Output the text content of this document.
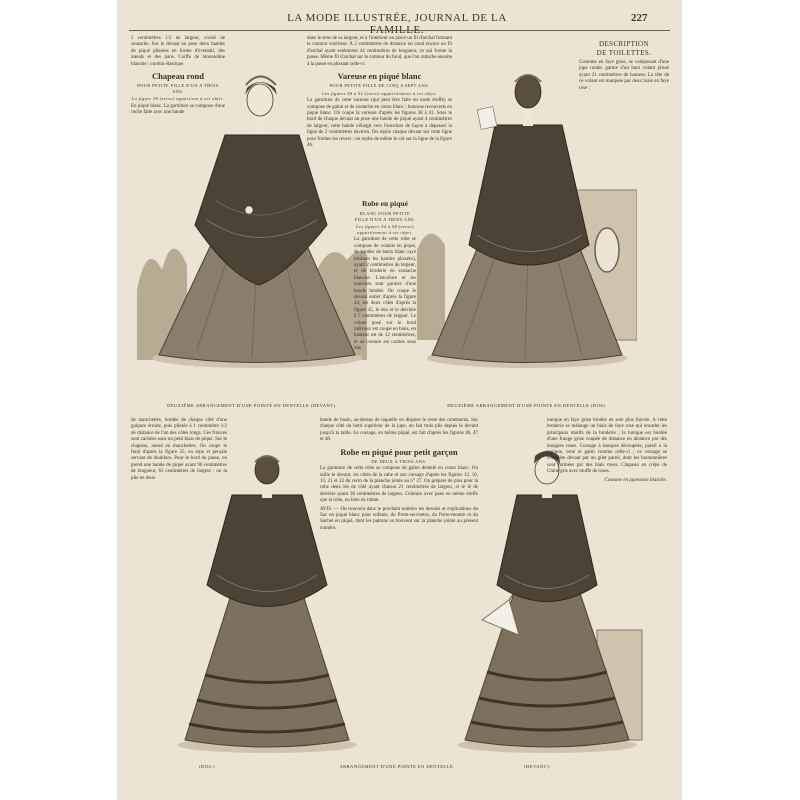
LA MODE ILLUSTRÉE, JOURNAL DE LA FAMILLE.
227

2 centimètres 1/2 de largeur, croisé de soutache. Sur le devant on pose deux bandes de piqué plissées en forme d'éventail, des nœuds et des pans. Coiffe de mousseline blanche ; cordon élastique.

Chapeau rond
POUR PETITE FILLE D'UN A TROIS ANS.

La figure 38 (verso) appartient à cet objet.

En piqué blanc. La garniture se compose d'une ruche faite avec une bande

dans le sens de sa largeur, et à l'intérieur on place un fil d'archal formant le contour extérieur. A 2 centimètres de distance on coud encore un fil d'archal ayant seulement 44 centimètres de longueur, ce qui forme la passe. Même fil d'archal sur le contour du fond, que l'on rattache ensuite à la passe en plissant celle-ci.

Vareuse en piqué blanc
POUR PETITE FILLE DE CINQ A SEPT ANS.

Les figures 58 à 52 (verso) appartiennent à cet objet.

La garniture de cette vareuse (qui peut être faite en toute étoffe) se compose de galon et de soutache en coton blanc ; boutons recouverts en piqué blanc. On coupe la vareuse d'après les figures 38 à 41. Sous le bord de chaque devant on pose une bande de piqué ayant 4 centimètres de largeur, cette bande s'élargit vers l'encolure de façon à dépasser la ligne de 2 centimètres environ. On replie chaque devant sur cette ligne pour former les revers ; on replie de même le col sur la ligne de la figure 46.

Robe en piqué
BLANC POUR PETITE FILLE D'UN A TROIS ANS.

Les figures 54 à 58 (verso) appartiennent à cet objet.

La garniture de cette robe se compose de volants en piqué, de bandes de basin blanc rayé (imitant les bandes plissées), ayant 2 centimètres de largeur, et de broderie en soutache blanche. L'encolure et les manches sont garnies d'une bande brodée. On coupe le devant entier d'après la figure 44, les deux côtés d'après la figure 45, le dos et le derrière à 7 centimètres de largeur. Le volant posé sur le bord inférieur est coupé en biais, en hauteur est de 12 centimètres, et sa couture est cachée sous une

DESCRIPTION
DE TOILETTES.

Costume en faye grise, se composant d'une jupe ronde, garnie d'un haut volant plissé ayant 21 centimètres de hauteur. La tête de ce volant est marquée par deux biais en faye rose ;

DEUXIÈME ARRANGEMENT D'UNE POINTE EN DENTELLE (DEVANT).	DEUXIÈME ARRANGEMENT D'UNE POINTE EN DENTELLE (DOS).

de manchettes, bordée de chaque côté d'une guipure étroite, puis plissée à 1 centimètre 1/2 de distance de l'un des côtés longs. Ces fronces sont cachées sous un petit biais de piqué. Sur le chapeau, nœud en manchettes. On coupe le fond d'après la figure 35, en repe et perçale servant de doublure. Pour le bord du passe, on prend une bande de piqué ayant 96 centimètres de longueur, 63 centimètres de largeur ; on la plie en deux

bande de basin, au-dessus de laquelle on dispose le reste des ornements. Sur chaque côté du bord supérieur de la jupe, on fait trois plis depuis le devant jusqu'à la taille. Le corsage, en même piqué, est fait d'après les figures 46, 47 et 48.

Robe en piqué pour petit garçon
DE DEUX A TROIS ANS.

La garniture de cette robe se compose de galon dentelé en coton blanc. On taille le devant, les côtés de la robe et son corsage d'après les figures 12, 10, 13, 21 et 22 du recto de la planche jointe au n° 27. On prépare de plus pour la robe deux lés de côté ayant chacun 21 centimètres de largeur, et le lé de derrière ayant 36 centimètres de largeur. Ceinture avec pans en même étoffe que la robe, ou bien en ruban.

AVIS. — On trouvera dans le prochain numéro les dessins et explications du Sac en piqué blanc pour enfants, du Porte-serviettes, du Porte-montre et du Sachet en piqué, dont les patrons se trouvent sur la planche jointe au présent numéro.

tunique en faye grise brodée en soie plus foncée. A cette broderie se mélange un biais de faye rose qui encadre les principaux motifs de la broderie ; la tunique est bordée d'une frange grise coupée de distance en distance par des houppes roses. Corsage à basques découpées, pareil à la tunique, orné et garni comme celle-ci ; ce corsage se complète devant par un gilet pareil, dont les boutonnières sont formées par des biais roses. Chapeau en crêpe de Chine gris avec touffe de roses.

Costume en japonaise blanche.

(DOS.)	ARRANGEMENT D'UNE POINTE EN DENTELLE.	(DEVANT.)
